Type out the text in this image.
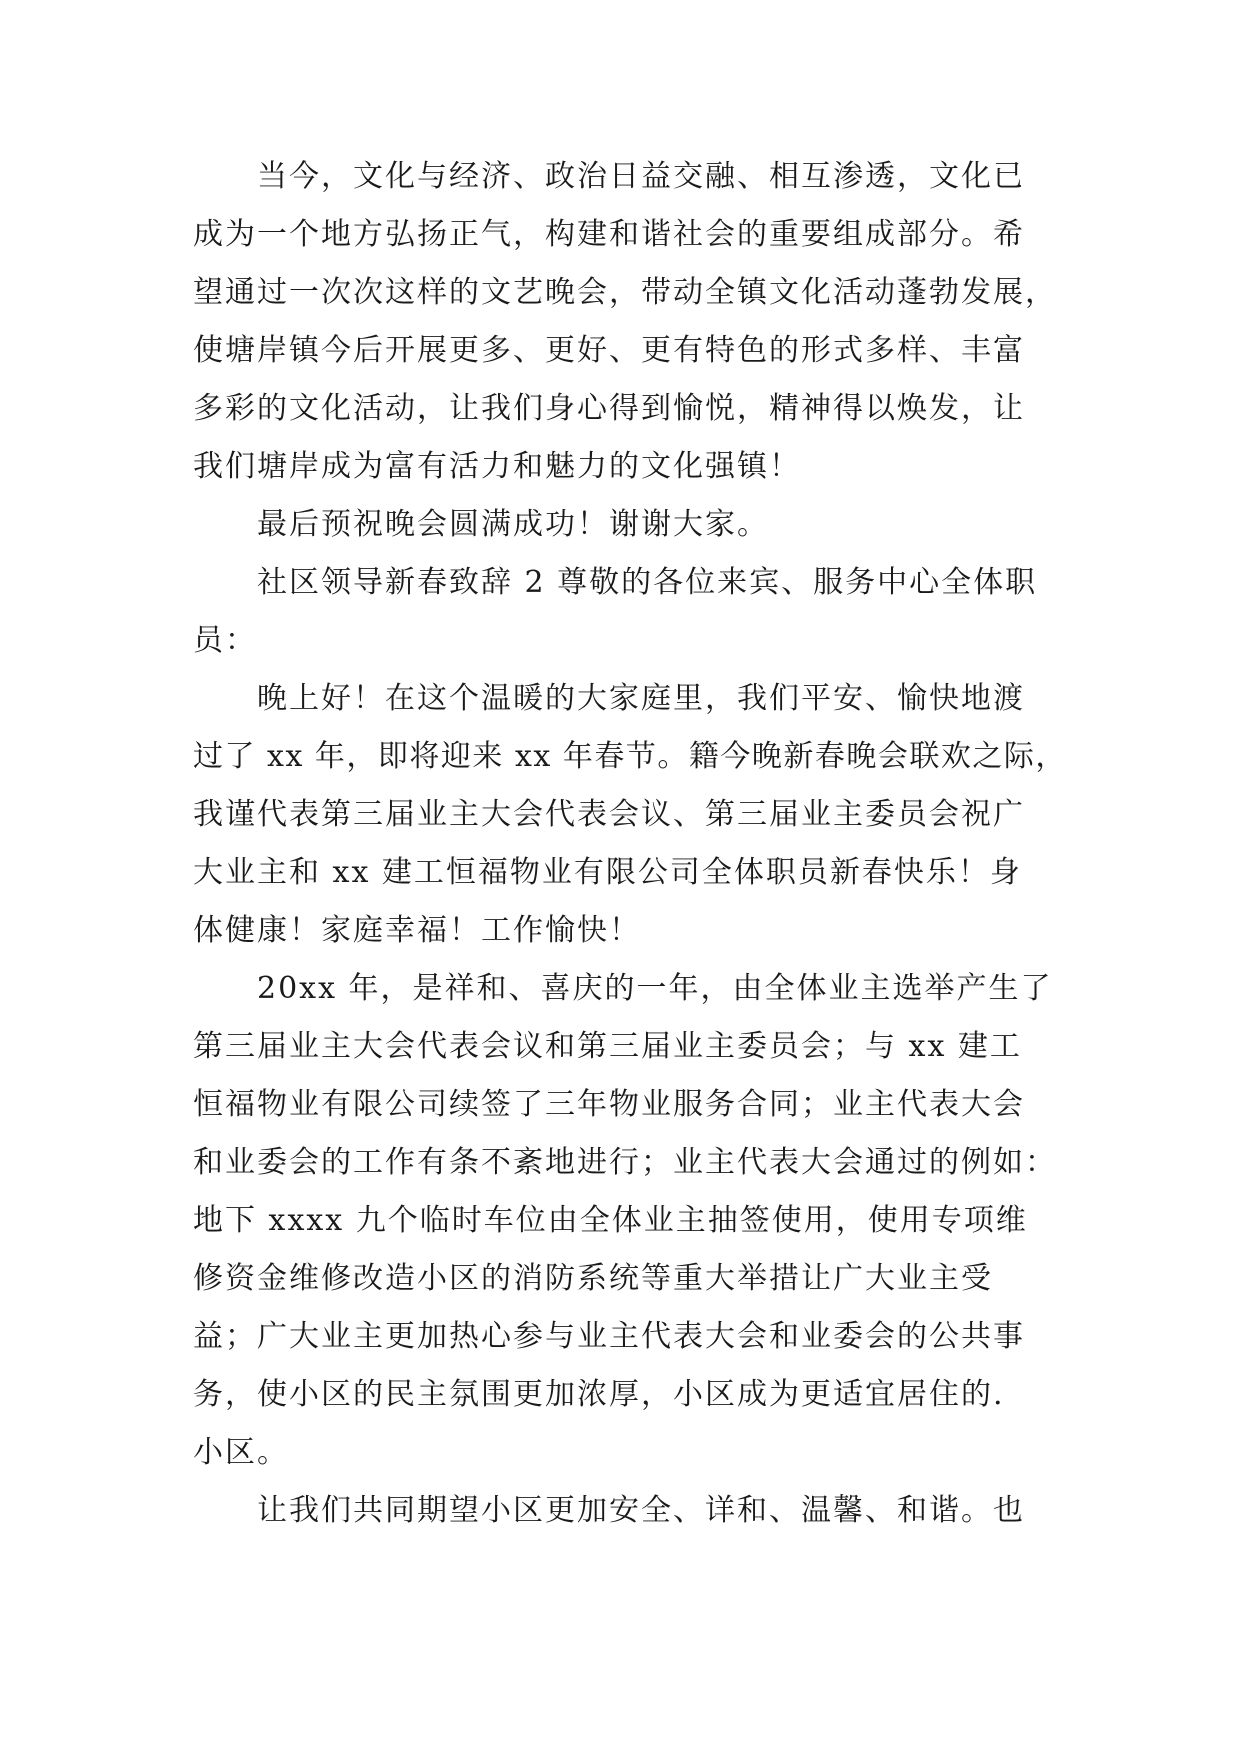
当今，文化与经济、政治日益交融、相互渗透，文化已
成为一个地方弘扬正气，构建和谐社会的重要组成部分。希
望通过一次次这样的文艺晚会，带动全镇文化活动蓬勃发展，
使塘岸镇今后开展更多、更好、更有特色的形式多样、丰富
多彩的文化活动，让我们身心得到愉悦，精神得以焕发，让
我们塘岸成为富有活力和魅力的文化强镇！
最后预祝晚会圆满成功！谢谢大家。
社区领导新春致辞 2 尊敬的各位来宾、服务中心全体职
员：
晚上好！在这个温暖的大家庭里，我们平安、愉快地渡
过了 xx 年，即将迎来 xx 年春节。籍今晚新春晚会联欢之际，
我谨代表第三届业主大会代表会议、第三届业主委员会祝广
大业主和 xx 建工恒福物业有限公司全体职员新春快乐！身
体健康！家庭幸福！工作愉快！
20xx 年，是祥和、喜庆的一年，由全体业主选举产生了
第三届业主大会代表会议和第三届业主委员会；与 xx 建工
恒福物业有限公司续签了三年物业服务合同；业主代表大会
和业委会的工作有条不紊地进行；业主代表大会通过的例如：
地下 xxxx 九个临时车位由全体业主抽签使用，使用专项维
修资金维修改造小区的消防系统等重大举措让广大业主受
益；广大业主更加热心参与业主代表大会和业委会的公共事
务，使小区的民主氛围更加浓厚，小区成为更适宜居住的.
小区。
让我们共同期望小区更加安全、详和、温馨、和谐。也
